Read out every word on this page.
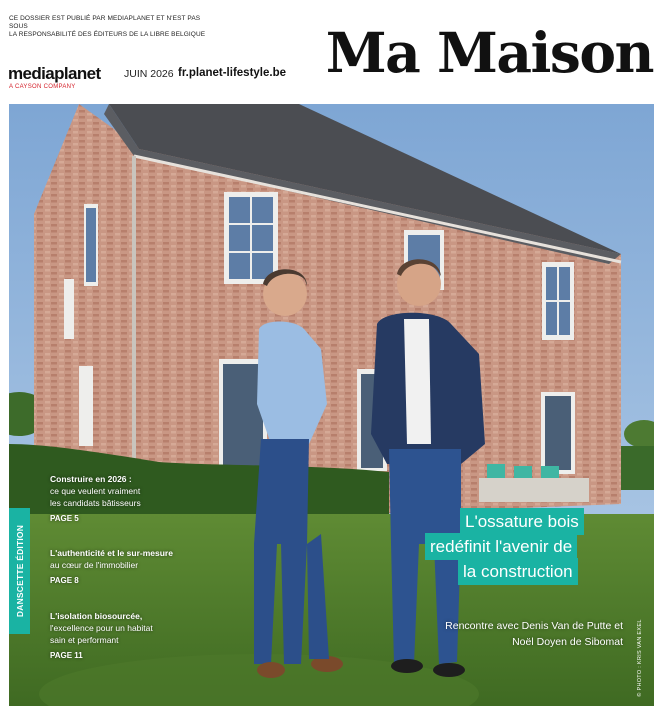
CE DOSSIER EST PUBLIÉ PAR MEDIAPLANET ET N'EST PAS SOUS
LA RESPONSABILITÉ DES ÉDITEURS DE LA LIBRE BELGIQUE Ma Maison
mediaplanet
A CAYSON COMPANY
JUIN 2026 fr.planet-lifestyle.be
DANSCETTE ÉDITION
Construire en 2026 :
ce que veulent vraiment
les candidats bâtisseurs
PAGE 5
L'authenticité et le sur-mesure
au cœur de l'immobilier
PAGE 8
L'isolation biosourcée,
l'excellence pour un habitat
sain et performant
PAGE 11
L'ossature bois
redéfinit l'avenir de
la construction
Rencontre avec Denis Van de Putte et
Noël Doyen de Sibomat	© PHOTO : KRIS VAN EXEL
